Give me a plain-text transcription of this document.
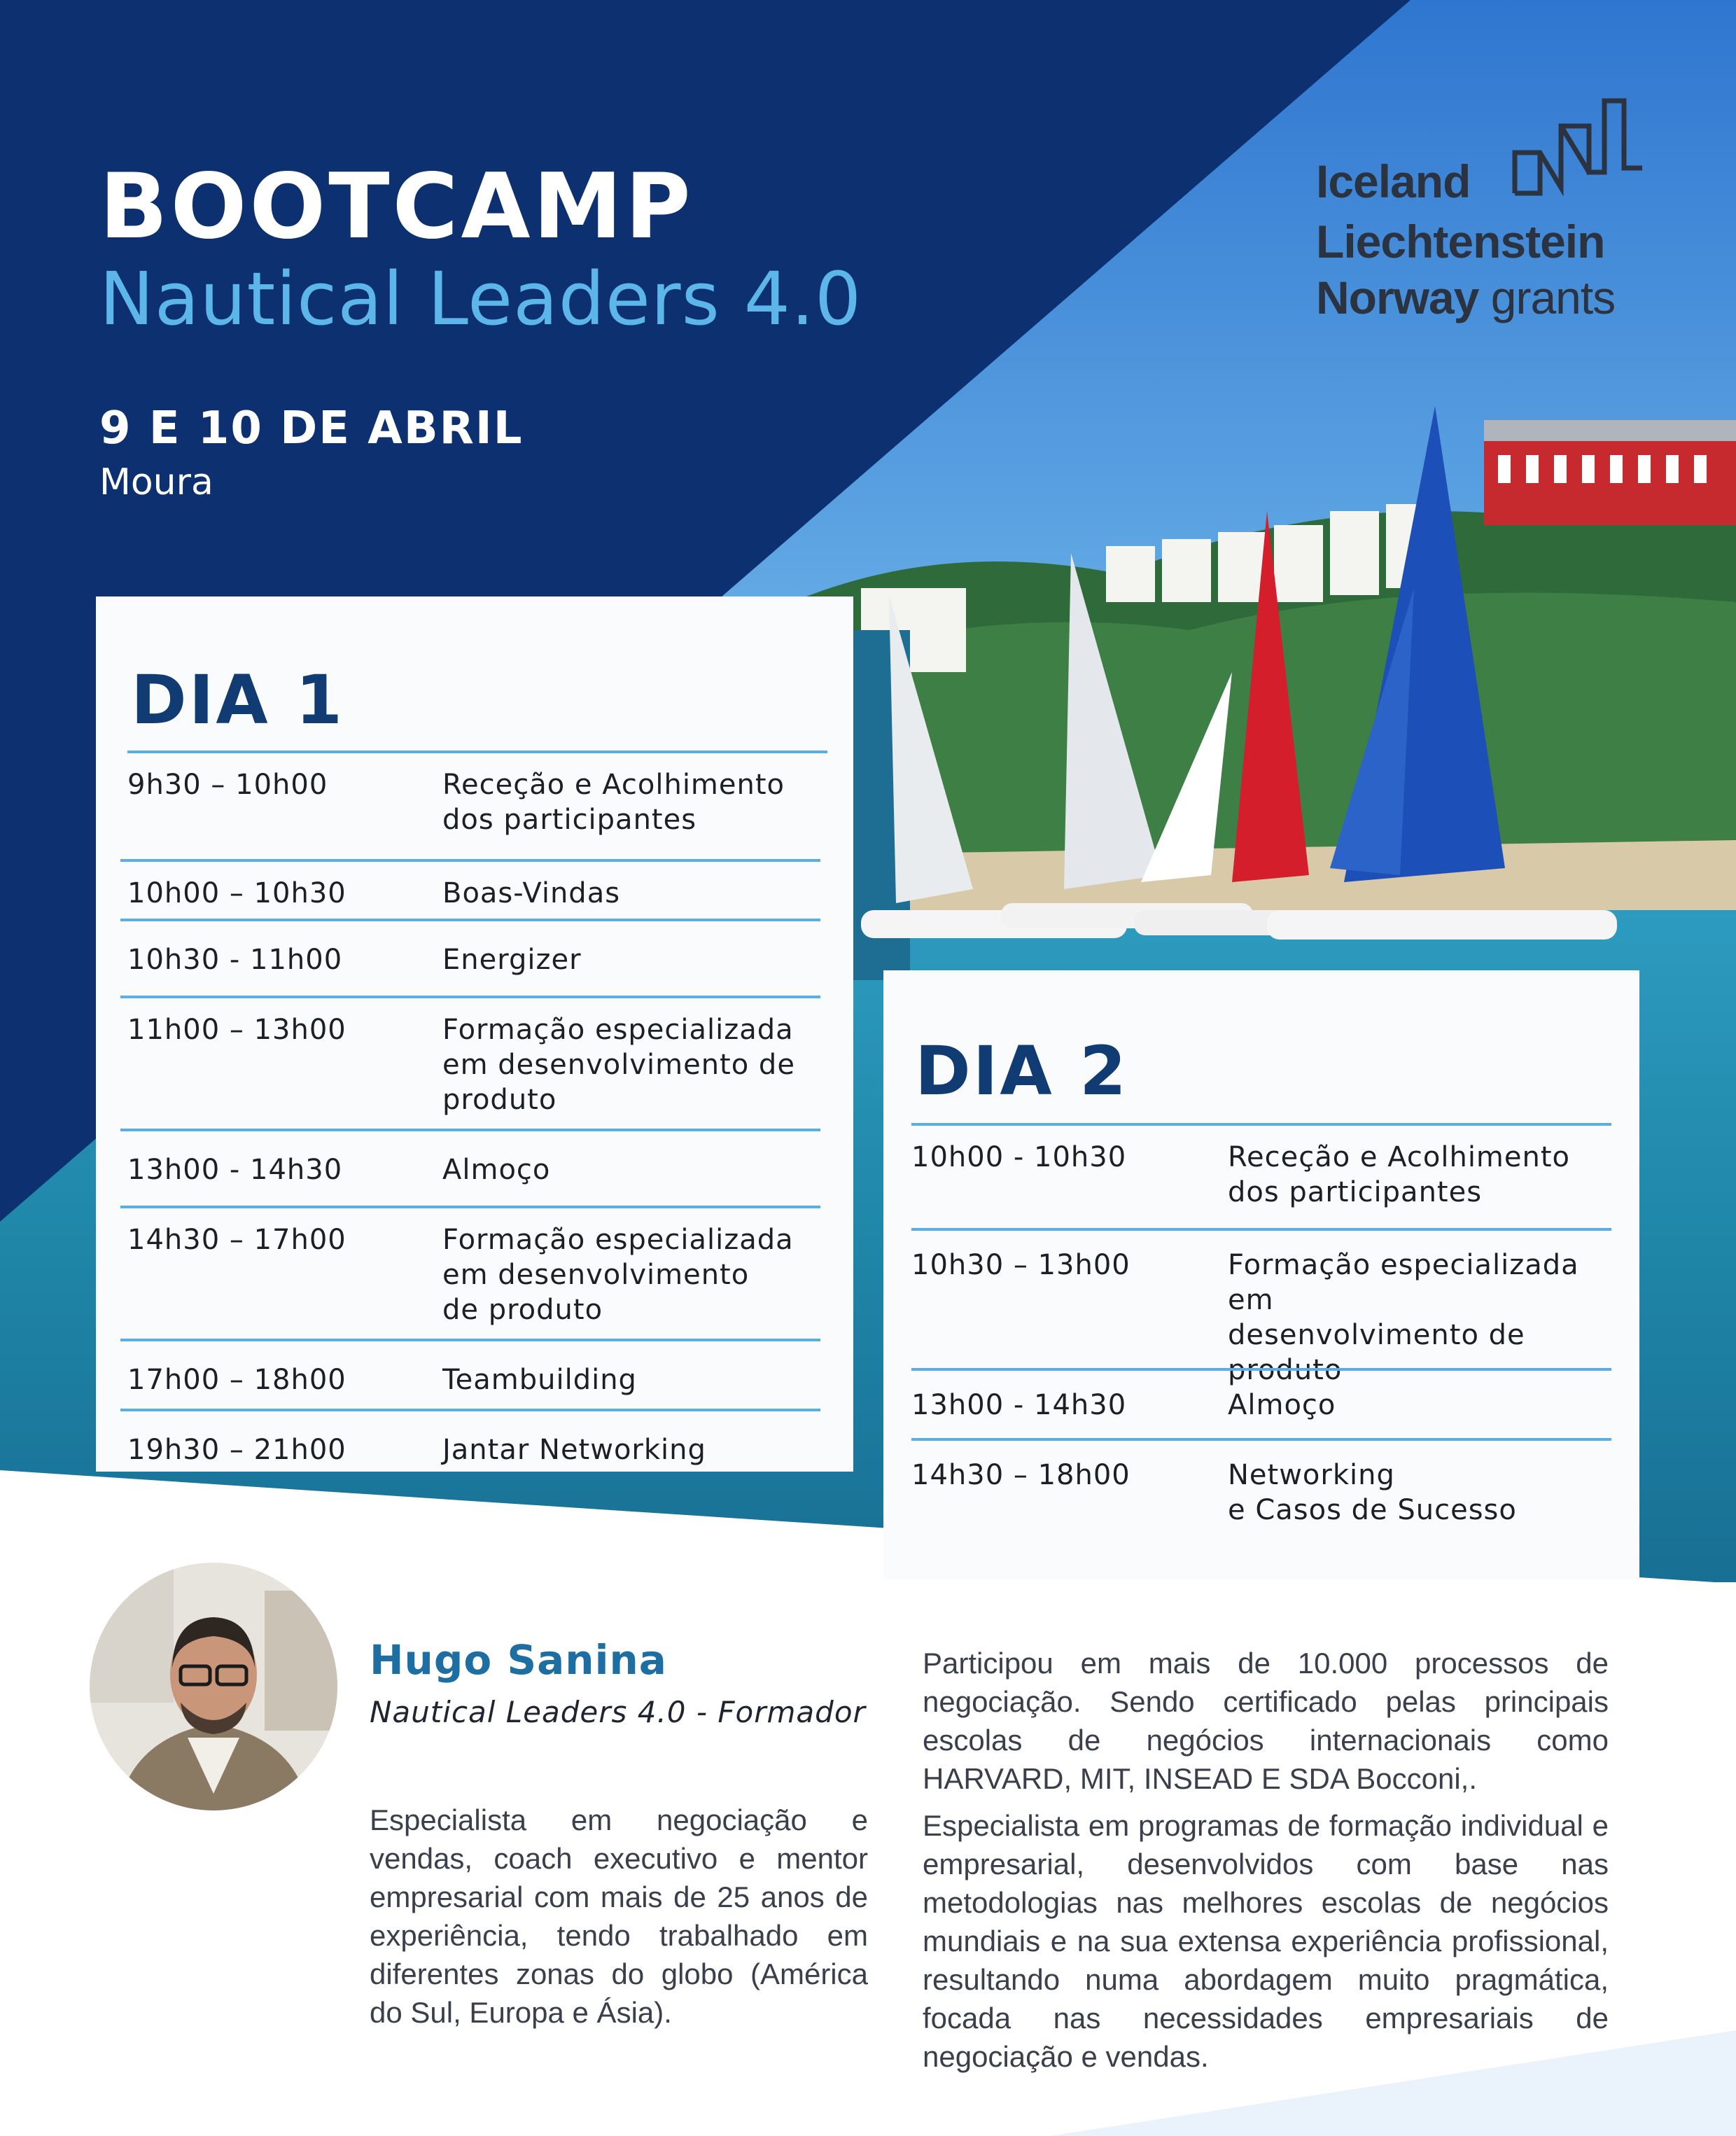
BOOTCAMP
Nautical Leaders 4.0
9 E 10 DE ABRIL
Moura
Iceland
Liechtenstein
Norway grants
DIA 1
9h30 – 10h00	Receção e Acolhimento
dos participantes
10h00 – 10h30	Boas-Vindas
10h30 - 11h00	Energizer
11h00 – 13h00	Formação especializada
em desenvolvimento de
produto
13h00 - 14h30	Almoço
14h30 – 17h00	Formação especializada
em desenvolvimento
de produto
17h00 – 18h00	Teambuilding
19h30 – 21h00	Jantar Networking
DIA 2
10h00 - 10h30	Receção e Acolhimento
dos participantes
10h30 – 13h00	Formação especializada em
desenvolvimento de
produto
13h00 - 14h30	Almoço
14h30 – 18h00	Networking
e Casos de Sucesso
Hugo Sanina
Nautical Leaders 4.0 - Formador
Especialista em negociação e vendas, coach executivo e mentor empresarial com mais de 25 anos de experiência, tendo trabalhado em diferentes zonas do globo (América do Sul, Europa e Ásia).
Participou em mais de 10.000 processos de negociação. Sendo certificado pelas principais escolas de negócios internacionais como HARVARD, MIT, INSEAD E SDA Bocconi,.
Especialista em programas de formação individual e empresarial, desenvolvidos com base nas metodologias nas melhores escolas de negócios mundiais e na sua extensa experiência profissional, resultando numa abordagem muito pragmática, focada nas necessidades empresariais de negociação e vendas.
